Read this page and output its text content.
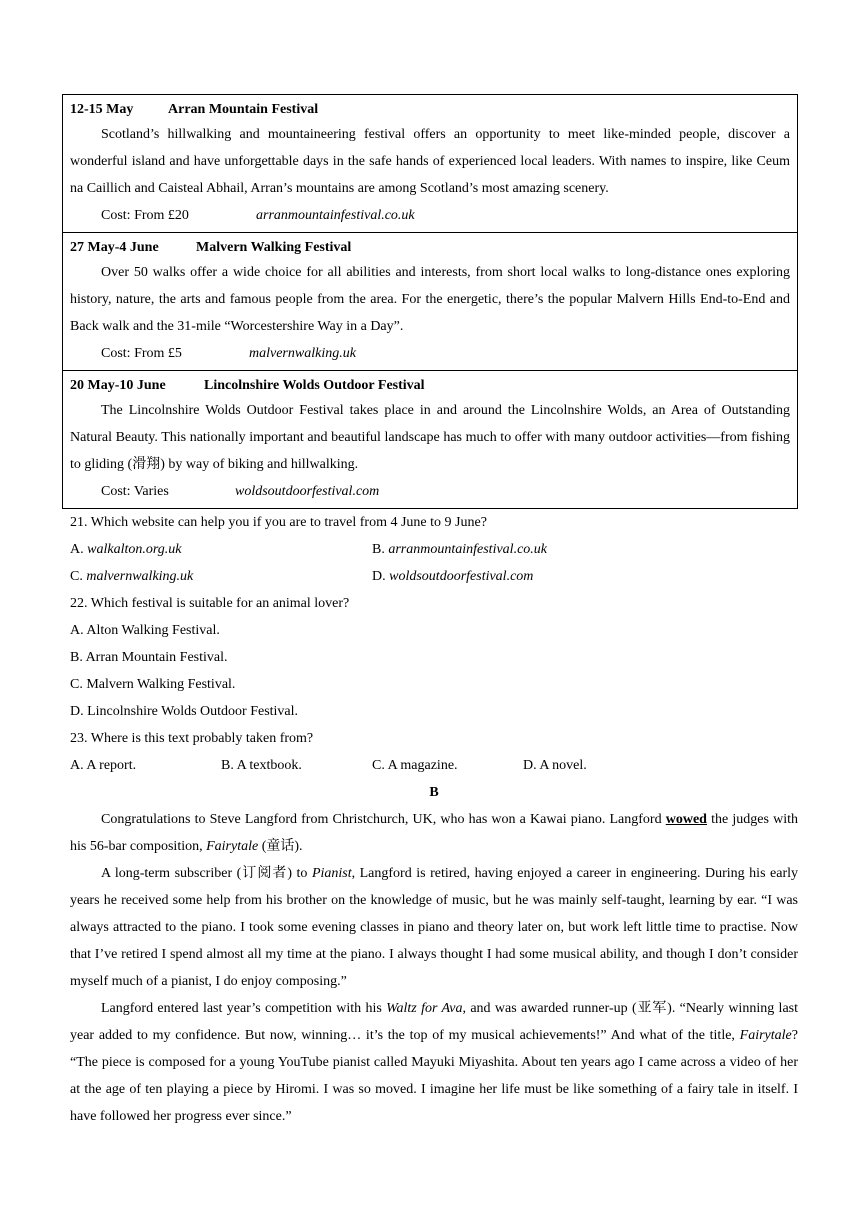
12-15 May Arran Mountain Festival

Scotland’s hillwalking and mountaineering festival offers an opportunity to meet like-minded people, discover a wonderful island and have unforgettable days in the safe hands of experienced local leaders. With names to inspire, like Ceum na Caillich and Caisteal Abhail, Arran’s mountains are among Scotland’s most amazing scenery.

Cost: From £20	arranmountainfestival.co.uk

27 May-4 June	Malvern Walking Festival

Over 50 walks offer a wide choice for all abilities and interests, from short local walks to long-distance ones exploring history, nature, the arts and famous people from the area. For the energetic, there’s the popular Malvern Hills End-to-End and Back walk and the 31-mile “Worcestershire Way in a Day”.

Cost: From £5	malvernwalking.uk

20 May-10 June	Lincolnshire Wolds Outdoor Festival

The Lincolnshire Wolds Outdoor Festival takes place in and around the Lincolnshire Wolds, an Area of Outstanding Natural Beauty. This nationally important and beautiful landscape has much to offer with many outdoor activities—from fishing to gliding (滑翔) by way of biking and hillwalking.

Cost: Varies	woldsoutdoorfestival.com

21. Which website can help you if you are to travel from 4 June to 9 June?

A. walkalton.org.uk	B. arranmountainfestival.co.uk

C. malvernwalking.uk	D. woldsoutdoorfestival.com

22. Which festival is suitable for an animal lover?

A. Alton Walking Festival.

B. Arran Mountain Festival.

C. Malvern Walking Festival.

D. Lincolnshire Wolds Outdoor Festival.

23. Where is this text probably taken from?

A. A report.	B. A textbook.	C. A magazine.	D. A novel.

B

Congratulations to Steve Langford from Christchurch, UK, who has won a Kawai piano. Langford wowed the judges with his 56-bar composition, Fairytale (童话).

A long-term subscriber (订阅者) to Pianist, Langford is retired, having enjoyed a career in engineering. During his early years he received some help from his brother on the knowledge of music, but he was mainly self-taught, learning by ear. “I was always attracted to the piano. I took some evening classes in piano and theory later on, but work left little time to practise. Now that I’ve retired I spend almost all my time at the piano. I always thought I had some musical ability, and though I don’t consider myself much of a pianist, I do enjoy composing.”

Langford entered last year’s competition with his Waltz for Ava, and was awarded runner-up (亚军). “Nearly winning last year added to my confidence. But now, winning… it’s the top of my musical achievements!” And what of the title, Fairytale? “The piece is composed for a young YouTube pianist called Mayuki Miyashita. About ten years ago I came across a video of her at the age of ten playing a piece by Hiromi. I was so moved. I imagine her life must be like something of a fairy tale in itself. I have followed her progress ever since.”
